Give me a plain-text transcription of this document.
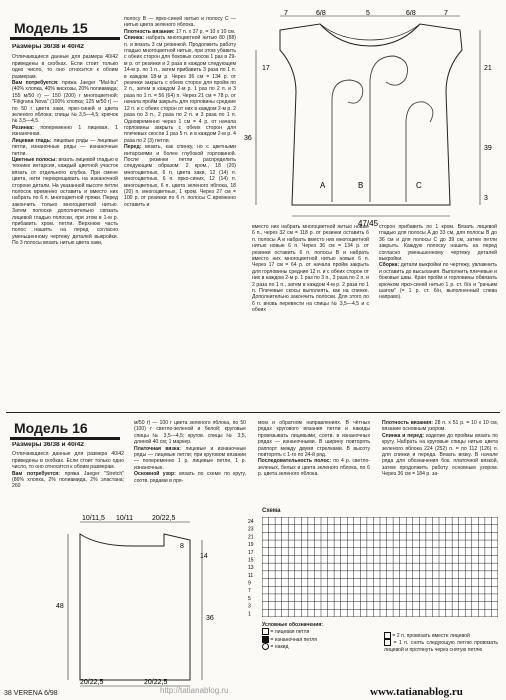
Модель 15

Размеры 36/38 и 40/42

Отличающиеся данные для размера 40/42 приведены в скобках. Если стоит только одно число, то оно относится к обоим размерам.

Вам потребуется: пряжа Jaeger "Mal-bu" (40% хлопка, 40% вискозы, 20% полиамида; 155 м/50 г) — 150 (200) г многоцветной; "Filigrana Nova" (100% хлопка; 125 м/50 г) — по 50 г цвета хаки, ярко-синей и цвета зеленого яблока; спицы № 3,5—4,5; крючок № 3,5—4,5.

Резинка: попеременно 1 лицевая, 1 изнаночная.

Лицевая гладь: лицевые ряды — лицевые петли, изнаночные ряды — изнаночные петли.

Цветные полосы: вязать лицевой гладью в технике интарсия, каждый цветной участок вязать от отдельного клубка. При смене цвета, нити перекрещивать на изнаночной стороне детали. На указанной высоте петли полосок временно оставить и вместо них набрать по 6 п. многоцветной пряжи. Перед закончить только многоцветной нитью. Затем полоски дополнительно связать лицевой гладью полоски, при этом в 1-м р. прибавить хром. петли. Верхнюю часть полос нашить на перед согласно уменьшенному чертежу деталей выкройки. По 3 полосы вязать нитью цвета хаки,

полосу B — ярко-синей нитью и полосу C — нитью цвета зеленого яблока.

Плотность вязания: 17 п. x 37 р. = 10 x 10 см.

Спинка: набрать многоцветной нитью 80 (88) п. и вязать 3 см резинкой. Продолжить работу гладью многоцветной нитью, при этом убавить с обеих сторон для боковых скосов 1 раз в 29-м р. от резинки и 2 раза в каждом следующем 14-м р. по 1 п., затем прибавить 3 раза по 1 п. в каждом 18-м р. Через 36 см = 134 р. от резинки закрыть с обеих сторон для пройм по 2 п., затем в каждом 2-м р. 1 раз по 2 п. и 3 раза по 1 п. = 56 (64) п. Через 21 см = 78 р. от начала пройм закрыть для горловины средние 12 п. и с обеих сторон от них в каждом 2-м р. 2 раза по 3 п., 2 раза по 2 п. и 3 раза по 1 п. Одновременно через 1 см = 4 р. от начала горловины закрыть с обеих сторон для плечевых скосов 1 раз 5 п. и в каждом 2-м р. 4 раза по 2 (3) петли.

Перед: вязать, как спинку, но с цветными интарсиями и более глубокой горловиной. После резинки петли распределить следующим образом: 2 кром., 18 (20) многоцветных, 6 п. цвета хаки, 12 (14) п. многоцветных, 6 п. ярко-синих, 12 (14) п. многоцветных, 6 п. цвета зеленого яблока, 18 (20) п. многоцветных, 1 кром. Через 27 см = 100 р. от резинки по 6 п. полосы C временно оставить и

7	6/8	5	6/8	7
47/45
36
21
3
39
17
A	B	C

вместо них набрать многоцветной нитью новые 6 п., через 32 см = 118 р. от резинки оставить 6 п. полосы A и набрать вместо них многоцветной нитью новые 6 п. Через 36 см = 134 р. от резинки оставить 6 п. полосы B и набрать вместо них многоцветной нитью новые 6 п. Через 17 см = 64 р. от начала пройм закрыть для горловины средние 12 п. и с обеих сторон от них в каждом 2-м р. 1 раз по 3 п., 3 раза по 2 п. и 2 раза по 1 п., затем в каждом 4-м р. 2 раза по 1 п. Плечевые скосы выполнять, как на спинке. Дополнительно закончить полоски. Для этого по 6 п. вновь перевести на спицы № 3,5—4,5 и с обеих

сторон прибавить по 1 кром. Вязать лицевой гладью для полосы A до 33 см, для полосы B до 36 см и для полосы C до 39 см, затем петли закрыть. Каждую полоску нашить на перед согласно уменьшенному чертежу деталей выкройки.

Сборка: детали выкройки по чертежу, увлажнить и оставить до высыхания. Выполнить плечевые и боковые швы. Края пройм и горловины обвязать крючком ярко-синей нитью 1 р. ст. б/н и "рачьим шагом" (= 1 р. ст. б/н, выполненный слева направо).

Модель 16

Размеры 36/38 и 40/42

Отличающиеся данные для размера 40/42 приведены в скобках. Если стоит только одно число, то оно относится к обоим размерам.

Вам потребуется: пряжа Jaeger "Stretch" (86% хлопка, 2% полиамида, 2% эластана; 260

м/50 г) — 100 г цвета зеленого яблока, по 50 (100) г светло-зеленой и белой; круговые спицы № 3,5—4,5; кругов. спицы № 3,5, длиной 40 см; 1 маркер.

Платочная вязка: лицевые и изнаночные ряды — лицевые петли; при круговом вязании — попеременно 1 р. лицевые петли, 1 р. изнаночные.

Основной узор: вязать по схеме по кругу, соотв. рядами в пря-

мом и обратном направлениях. В чётных рядах кругового вязания петли и накиды провязывать лицевыми, соотв. в изнаночных рядах — изнаночными. В ширину повторять раппорт между двумя стрелками. В высоту повторять с 1-го по 24-й ряд.

Последовательность полос: по 4 р. светло-зеленых, белых и цвета зеленого яблока, по 6 р. цвета зеленого яблока.

Плотность вязания: 28 п. x 51 р. = 10 x 10 см, вязание основным узором.

Спинка и перед: изделие до проймы вязать по кругу. Набрать на круговые спицы нитью цвета зеленого яблока 224 (252) п. = по 112 (126) п. для спинки и переда. Вязать вязку. В начале ряда для обозначения бок. платочной вязкой, затем продолжить работу основным узором. Через 36 см = 184 р. за-

10/11,5 10/11	20/22,5
14
8
48
36
20/22,5	20/22,5
Схема
24
23
21
19
17
15
13
11
9
7
5
3
1

Условные обозначения:

= лицевая петля

= изнаночная петля

= накид

= 2 п. провязать вместе лицевой

= 1 п. снять следующую петлю провязать лицевой и протянуть через снятую петлю

38 VERENA 6/98	http://tatianablog.ru	www.tatianablog.ru
